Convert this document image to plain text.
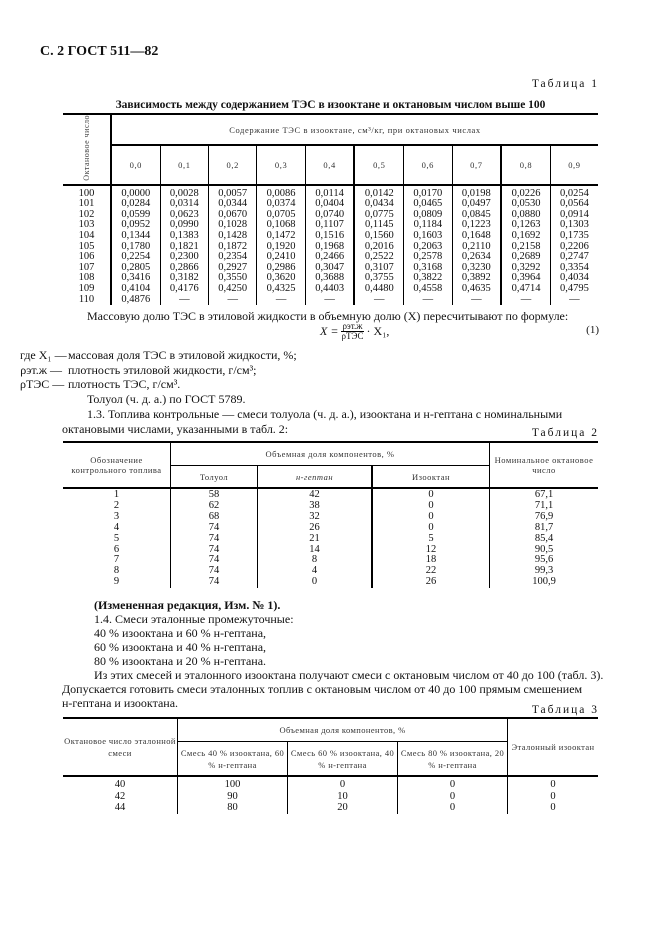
С. 2 ГОСТ 511—82
Таблица 1
Зависимость между содержанием ТЭС в изооктане и октановым числом выше 100
Октановое число	Содержание ТЭС в изооктане, см³/кг, при октановых числах									
	0,0	0,1	0,2	0,3	0,4	0,5	0,6	0,7	0,8	0,9
100	0,0000	0,0028	0,0057	0,0086	0,0114	0,0142	0,0170	0,0198	0,0226	0,0254
101	0,0284	0,0314	0,0344	0,0374	0,0404	0,0434	0,0465	0,0497	0,0530	0,0564
102	0,0599	0,0623	0,0670	0,0705	0,0740	0,0775	0,0809	0,0845	0,0880	0,0914
103	0,0952	0,0990	0,1028	0,1068	0,1107	0,1145	0,1184	0,1223	0,1263	0,1303
104	0,1344	0,1383	0,1428	0,1472	0,1516	0,1560	0,1603	0,1648	0,1692	0,1735
105	0,1780	0,1821	0,1872	0,1920	0,1968	0,2016	0,2063	0,2110	0,2158	0,2206
106	0,2254	0,2300	0,2354	0,2410	0,2466	0,2522	0,2578	0,2634	0,2689	0,2747
107	0,2805	0,2866	0,2927	0,2986	0,3047	0,3107	0,3168	0,3230	0,3292	0,3354
108	0,3416	0,3182	0,3550	0,3620	0,3688	0,3755	0,3822	0,3892	0,3964	0,4034
109	0,4104	0,4176	0,4250	0,4325	0,4403	0,4480	0,4558	0,4635	0,4714	0,4795
110	0,4876	—	—	—	—	—	—	—	—	—
Массовую долю ТЭС в этиловой жидкости в объемную долю (X) пересчитывают по формуле:
$X = \frac{\text{ρэт.ж}}{\text{ρТЭС}} \cdot X_1$,	(1)
где X₁ —массовая доля ТЭС в этиловой жидкости, %;
ρэт.ж — плотность этиловой жидкости, г/см³;
ρТЭС — плотность ТЭС, г/см³.
Толуол (ч. д. а.) по ГОСТ 5789.
1.3. Топлива контрольные — смеси толуола (ч. д. а.), изооктана и н-гептана с номинальными
октановыми числами, указанными в табл. 2:	Таблица 2
Обозначение контрольного топлива	Объемная доля компонентов, %			Номинальное октановое число
	Толуол	н-гептан	Изооктан	
1	58	42	0	67,1
2	62	38	0	71,1
3	68	32	0	76,9
4	74	26	0	81,7
5	74	21	5	85,4
6	74	14	12	90,5
7	74	8	18	95,6
8	74	4	22	99,3
9	74	0	26	100,9
(Измененная редакция, Изм. № 1).
1.4. Смеси эталонные промежуточные:
40 % изооктана и 60 % н-гептана,
60 % изооктана и 40 % н-гептана,
80 % изооктана и 20 % н-гептана.
Из этих смесей и эталонного изооктана получают смеси с октановым числом от 40 до 100 (табл. 3).
Допускается готовить смеси эталонных топлив с октановым числом от 40 до 100 прямым смешением
н-гептана и изооктана.	Таблица 3
Октановое число эталонной смеси	Объемная доля компонентов, %			Эталонный изооктан
	Смесь 40 % изооктана, 60 % н-гептана	Смесь 60 % изооктана, 40 % н-гептана	Смесь 80 % изооктана, 20 % н-гептана	
40	100	0	0	0
42	90	10	0	0
44	80	20	0	0
